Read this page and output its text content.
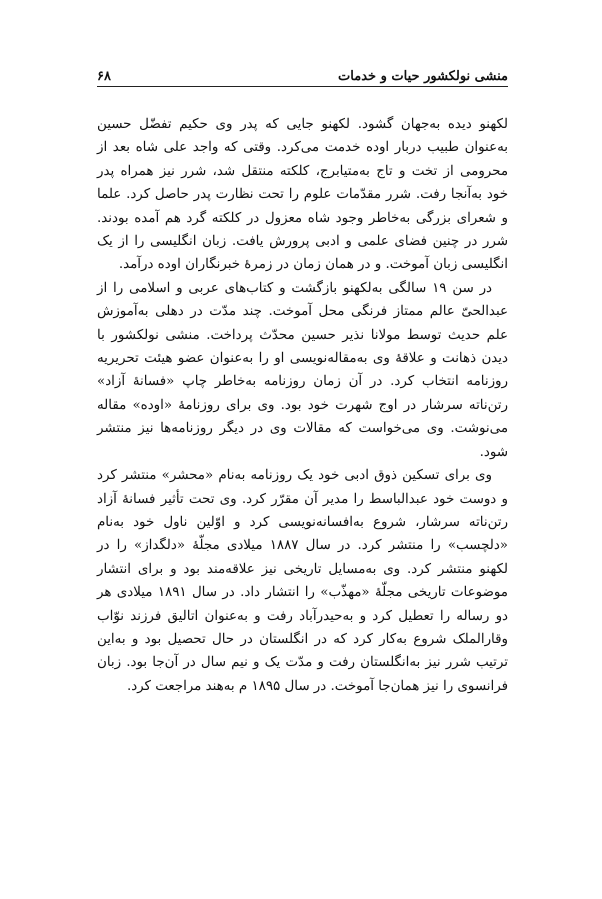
منشی نولکشور حیات و خدمات
۶۸

لکهنو دیده به‌جهان گشود. لکهنو جایی که پدر وی حکیم تفضّل حسین به‌عنوان طبیب دربار اوده خدمت می‌کرد. وقتی که واجد علی شاه بعد از محرومی از تخت و تاج به‌متیابرج، کلکته منتقل شد، شرر نیز همراه پدر خود به‌آنجا رفت. شرر مقدّمات علوم را تحت نظارت پدر حاصل کرد. علما و شعرای بزرگی به‌خاطر وجود شاه معزول در کلکته گرد هم آمده بودند. شرر در چنین فضای علمی و ادبی پرورش یافت. زبان انگلیسی را از یک انگلیسی زبان آموخت. و در همان زمان در زمرۀ خبرنگاران اوده درآمد.

در سن ۱۹ سالگی به‌لکهنو بازگشت و کتاب‌های عربی و اسلامی را از عبدالحیّ عالم ممتاز فرنگی محل آموخت. چند مدّت در دهلی به‌آموزش علم حدیث توسط مولانا نذیر حسین محدّث پرداخت. منشی نولکشور با دیدن ذهانت و علاقۀ وی به‌مقاله‌نویسی او را به‌عنوان عضو هیئت تحریریه روزنامه انتخاب کرد. در آن زمان روزنامه به‌خاطر چاپ «فسانۀ آزاد» رتن‌ناته سرشار در اوج شهرت خود بود. وی برای روزنامۀ «اوده» مقاله می‌نوشت. وی می‌خواست که مقالات وی در دیگر روزنامه‌ها نیز منتشر شود.

وی برای تسکین ذوق ادبی خود یک روزنامه به‌نام «محشر» منتشر کرد و دوست خود عبدالباسط را مدیر آن مقرّر کرد. وی تحت تأثیر فسانۀ آزاد رتن‌ناته سرشار، شروع به‌افسانه‌نویسی کرد و اوّلین ناول خود به‌نام «دلچسب» را منتشر کرد. در سال ۱۸۸۷ میلادی مجلّۀ «دلگداز» را در لکهنو منتشر کرد. وی به‌مسایل تاریخی نیز علاقه‌مند بود و برای انتشار موضوعات تاریخی مجلّۀ «مهذّب» را انتشار داد. در سال ۱۸۹۱ میلادی هر دو رساله را تعطیل کرد و به‌حیدرآباد رفت و به‌عنوان اتالیق فرزند نوّاب وقارالملک شروع به‌کار کرد که در انگلستان در حال تحصیل بود و به‌این ترتیب شرر نیز به‌انگلستان رفت و مدّت یک و نیم سال در آن‌جا بود. زبان فرانسوی را نیز همان‌جا آموخت. در سال ۱۸۹۵ م به‌هند مراجعت کرد.
